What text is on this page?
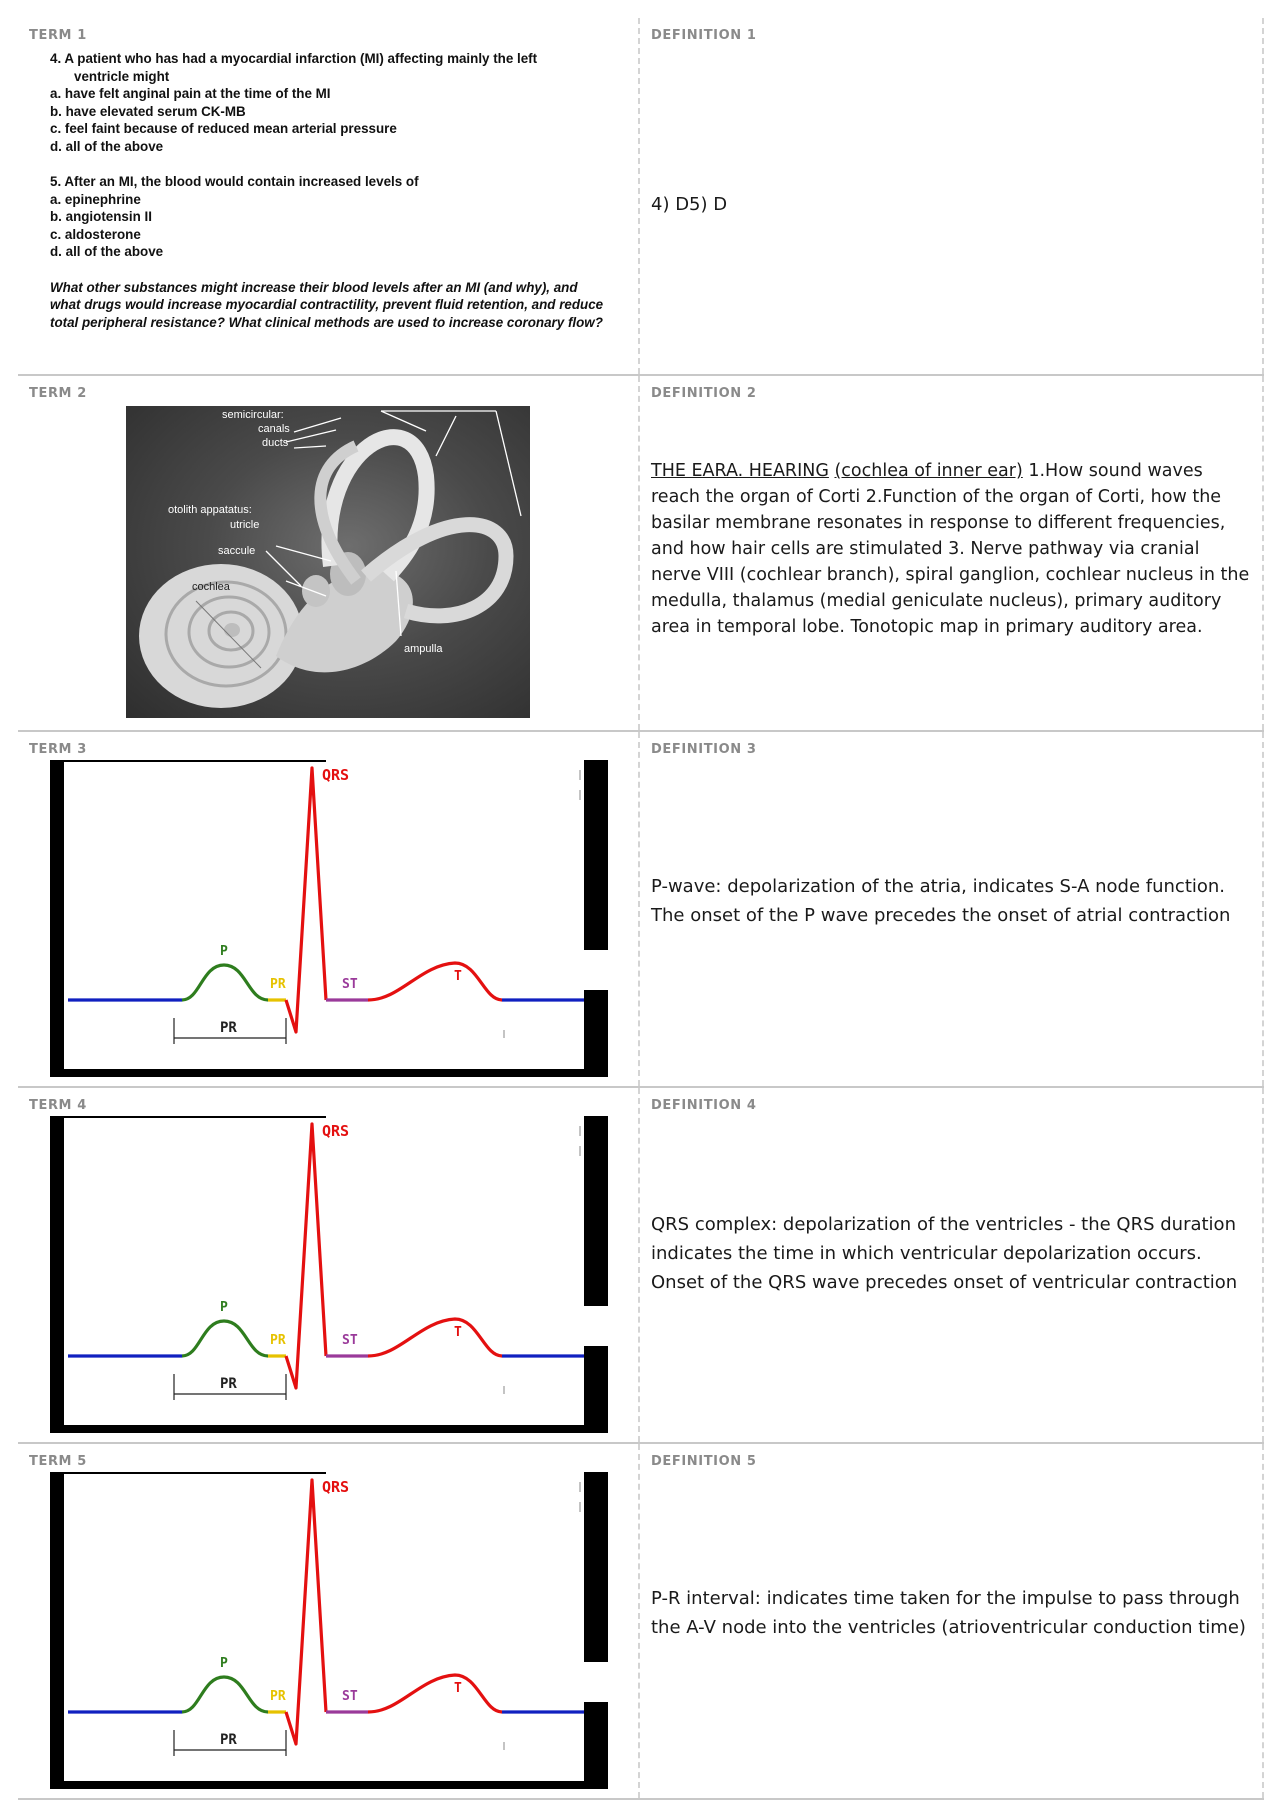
TERM 1

4. A patient who has had a myocardial infarction (MI) affecting mainly the left

ventricle might

a. have felt anginal pain at the time of the MI

b. have elevated serum CK-MB

c. feel faint because of reduced mean arterial pressure

d. all of the above

5. After an MI, the blood would contain increased levels of

a. epinephrine

b. angiotensin II

c. aldosterone

d. all of the above

What other substances might increase their blood levels after an MI (and why), and what drugs would increase myocardial contractility, prevent fluid retention, and reduce total peripheral resistance? What clinical methods are used to increase coronary flow?

DEFINITION 1

4) D5) D

TERM 2

semicircular:
canals
ducts
otolith appatatus:
utricle
saccule
cochlea
ampulla

DEFINITION 2

THE EARA. HEARING (cochlea of inner ear) 1.How sound waves reach the organ of Corti 2.Function of the organ of Corti, how the basilar membrane resonates in response to different frequencies, and how hair cells are stimulated 3. Nerve pathway via cranial nerve VIII (cochlear branch), spiral ganglion, cochlear nucleus in the medulla, thalamus (medial geniculate nucleus), primary auditory area in temporal lobe. Tonotopic map in primary auditory area.

TERM 3

QRS
P
PR	ST
T
PR

DEFINITION 3

P-wave: depolarization of the atria, indicates S-A node function. The onset of the P wave precedes the onset of atrial contraction

TERM 4

QRS
P
PR	ST
T
PR

DEFINITION 4

QRS complex: depolarization of the ventricles - the QRS duration indicates the time in which ventricular depolarization occurs. Onset of the QRS wave precedes onset of ventricular contraction

TERM 5

QRS
P
PR	ST
T
PR

DEFINITION 5

P-R interval: indicates time taken for the impulse to pass through the A-V node into the ventricles (atrioventricular conduction time)
